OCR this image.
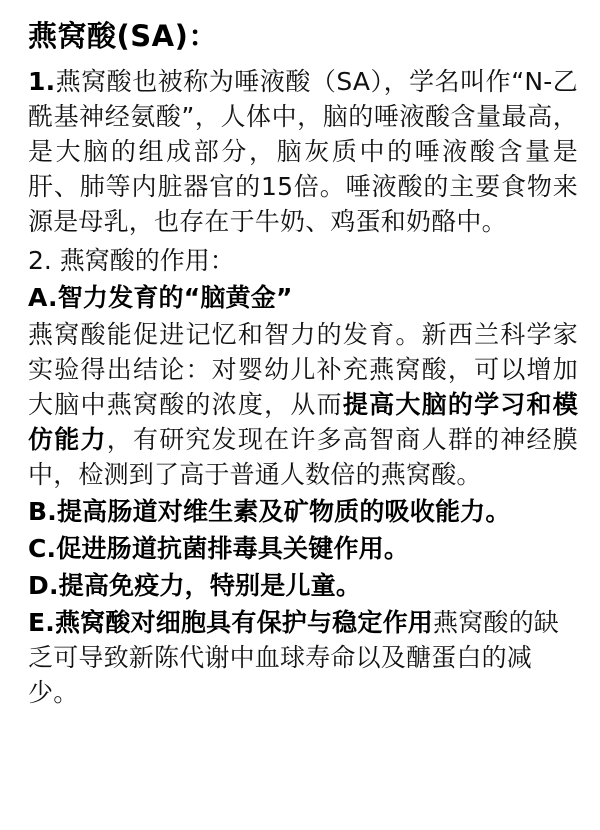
燕窝酸(SA)：

1.燕窝酸也被称为唾液酸（SA），学名叫作“N-乙酰基神经氨酸”，人体中，脑的唾液酸含量最高，是大脑的组成部分，脑灰质中的唾液酸含量是肝、肺等内脏器官的15倍。唾液酸的主要食物来源是母乳，也存在于牛奶、鸡蛋和奶酪中。

2. 燕窝酸的作用：

A.智力发育的“脑黄金”

燕窝酸能促进记忆和智力的发育。新西兰科学家实验得出结论：对婴幼儿补充燕窝酸，可以增加大脑中燕窝酸的浓度，从而提高大脑的学习和模仿能力，有研究发现在许多高智商人群的神经膜中，检测到了高于普通人数倍的燕窝酸。

B.提高肠道对维生素及矿物质的吸收能力。

C.促进肠道抗菌排毒具关键作用。

D.提高免疫力，特别是儿童。

E.燕窝酸对细胞具有保护与稳定作用燕窝酸的缺乏可导致新陈代谢中血球寿命以及醣蛋白的减少。
